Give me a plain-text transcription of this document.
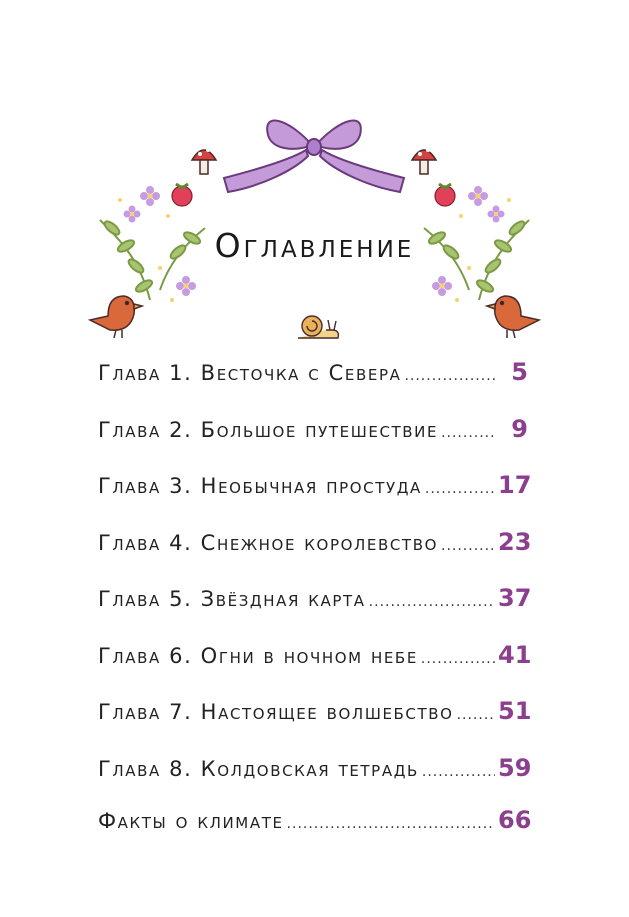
Оглавление
Глава 1. Весточка с Севера .....	5
Глава 2. Большое путешествие .....	9
Глава 3. Необычная простуда .....	17
Глава 4. Снежное королевство .....	23
Глава 5. Звёздная карта .....	37
Глава 6. Огни в ночном небе .....	41
Глава 7. Настоящее волшебство ..... 51
Глава 8. Колдовская тетрадь .....	59
Факты о климате .....	66
